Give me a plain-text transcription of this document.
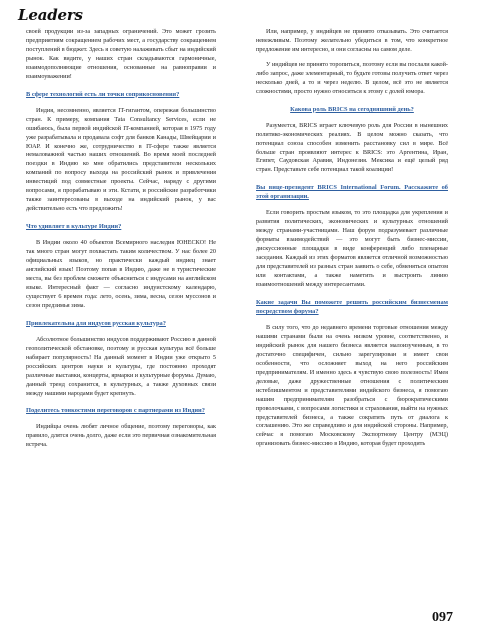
Leaders

своей продукции из-за западных ограничений. Это может грозить предприятиям сокращением рабочих мест, а государству сокращением поступлений в бюджет. Здесь я советую налаживать сбыт на индийский рынок. Как видите, у наших стран складываются гармоничные, взаимодополняющие отношения, основанные на равноправии и взаимоуважении!

В сфере технологий есть ли точки соприкосновения?

Индия, несомненно, является IT-гигантом, опережая большинство стран. К примеру, компания Tata Consultancy Services, если не ошибаюсь, была первой индийской IT-компанией, которая в 1975 году уже разрабатывала и продавала софт для банков Канады, Швейцарии и ЮАР. И конечно же, сотрудничество в IT-сфере также является немаловажной частью наших отношений. Во время моей последней поездки в Индию ко мне обратились представители нескольких компаний по вопросу выхода на российский рынок и привлечения инвестиций под совместные проекты. Сейчас, наряду с другими вопросами, я прорабатываю и эти. Кстати, и российские разработчики также заинтересованы в выходе на индийский рынок, у вас действительно есть что предложить!

Что удивляет в культуре Индии?

В Индии около 40 объектов Всемирного наследия ЮНЕСКО! Не так много стран могут похвастать таким количеством. У нас более 20 официальных языков, но практически каждый индиец знает английский язык! Поэтому попав в Индию, даже не в туристические места, вы без проблем сможете объясниться с индусами на английском языке. Интересный факт — согласно индуистскому календарю, существует 6 времен года: лето, осень, зима, весна, сезон муссонов и сезон предзимья зима.

Привлекательна для индусов русская культура?

Абсолютное большинство индусов поддерживают Россию в данной геополитической обстановке, поэтому и русская культура всё больше набирает популярность! На данный момент в Индии уже открыто 5 российских центров науки и культуры, где постоянно проходят различные выставки, концерты, ярмарки и культурные форумы. Думаю, данный тренд сохранится, в культурных, а также духовных связи между нашими народами будет крепнуть.

Поделитесь тонкостями переговоров с партнерами из Индии?

Индийцы очень любят личное общение, поэтому переговоры, как правило, длятся очень долго, даже если это первичная ознакомительная встреча.

Или, например, у индийцев не принято отказывать. Это считается невежливым. Поэтому желательно убедиться в том, что конкретное предложение им интересно, и они согласны на самом деле.

У индийцев не принято торопиться, поэтому если вы послали какой-либо запрос, даже элементарный, то будьте готовы получить ответ через несколько дней, а то и через неделю. В целом, всё это не является сложностями, просто нужно относиться к этому с долей юмора.

Какова роль BRICS на сегодняшний день?

Разумеется, BRICS играет ключевую роль для России в нынешних политико-экономических реалиях. В целом можно сказать, что потенциал союза способен изменить расстановку сил в мире. Всё больше стран проявляют интерес к BRICS: это Аргентина, Иран, Египет, Саудовская Аравия, Индонезия. Мексика и ещё целый ряд стран. Представьте себе потенциал такой коалиции!

Вы вице-президент BRICS International Forum. Расскажите об этой организации.

Если говорить простым языком, то это площадка для укрепления и развития политических, экономических и культурных отношений между странами-участницами. Наш форум подразумевает различные форматы взаимодействий — это могут быть бизнес-миссии, дискуссионные площадки в виде конференций либо пленарные заседания. Каждый из этих форматов является отличной возможностью для представителей из разных стран заявить о себе, обменяться опытом или контактами, а также наметить и выстроить линию взаимоотношений между интересантами.

Какие задачи Вы поможете решить российским бизнесменам посредством форума?

В силу того, что до недавнего времени торговые отношения между нашими странами были на очень низком уровне, соответственно, и индийский рынок для нашего бизнеса является малоизученным, в то достаточно специфичен, сильно зарегулирован и имеет свои особенности, что осложняет выход на него российским предпринимателям. И именно здесь я чувствую свою полезность! Имея деловые, даже дружественные отношения с политическим истеблишментом и представителями индийского бизнеса, я помогаю нашим предпринимателям разобраться с бюрократическими проволочками, с вопросами логистики и страхования, выйти на нужных представителей бизнеса, а также сократить путь от диалога к соглашению. Это же справедливо и для индийской стороны. Например, сейчас я помогаю Московскому Экспортному Центру (МЭЦ) организовать бизнес-миссию в Индию, которая будет проходить

097
